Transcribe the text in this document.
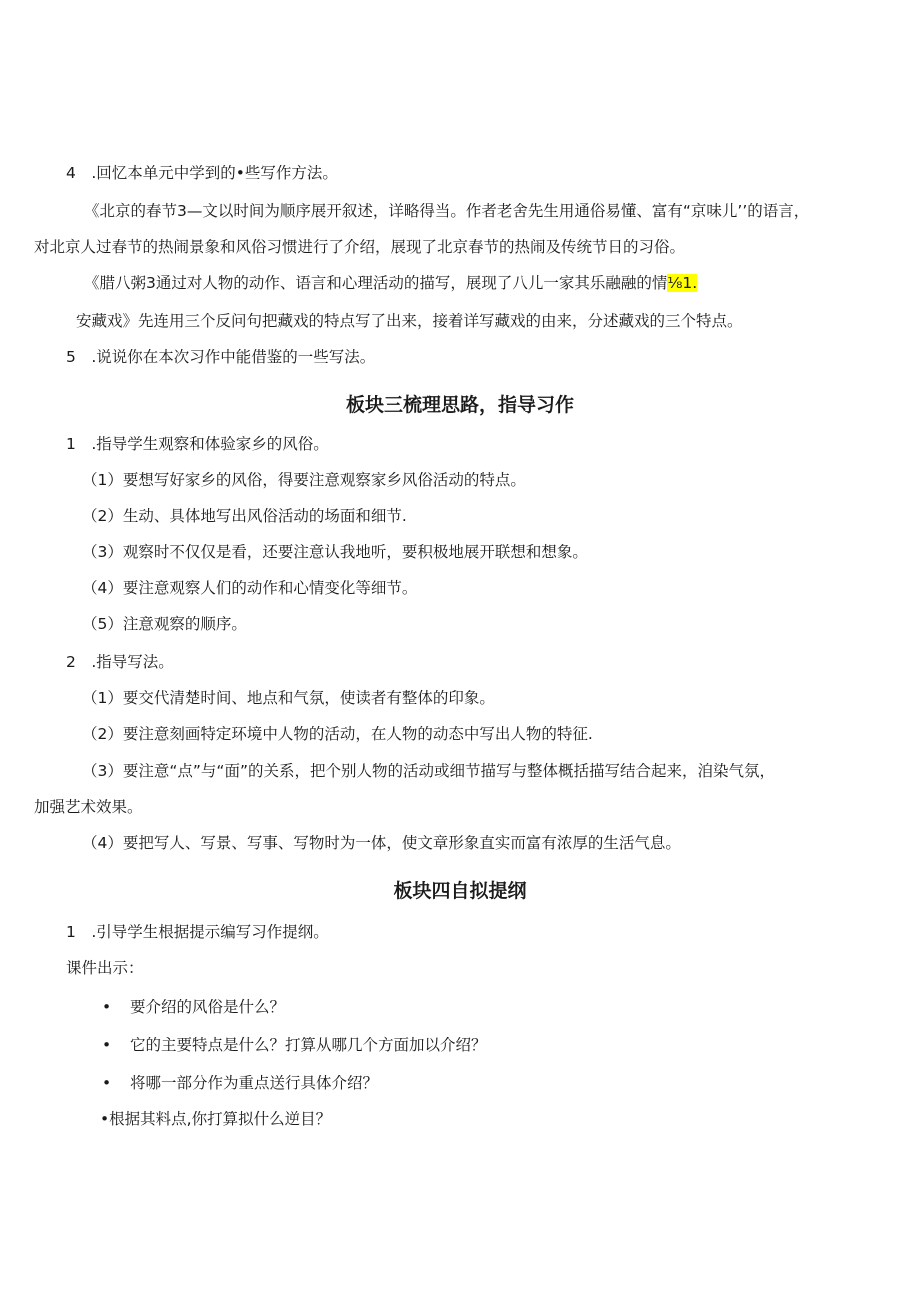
4　.回忆本单元中学到的•些写作方法。
《北京的春节3—文以时间为顺序展开叙述，详略得当。作者老舍先生用通俗易懂、富有“京味儿’’的语言，
对北京人过春节的热闹景象和风俗习惯进行了介绍，展现了北京春节的热闹及传统节日的习俗。
《腊八粥3通过对人物的动作、语言和心理活动的描写，展现了八儿一家其乐融融的情⅛1.
安藏戏》先连用三个反问句把藏戏的特点写了出来，接着详写藏戏的由来，分述藏戏的三个特点。
5　.说说你在本次习作中能借鉴的一些写法。
板块三梳理思路，指导习作
1　.指导学生观察和体验家乡的风俗。
（1）要想写好家乡的风俗，得要注意观察家乡风俗活动的特点。
（2）生动、具体地写出风俗活动的场面和细节.
（3）观察时不仅仅是看，还要注意认我地听，要积极地展开联想和想象。
（4）要注意观察人们的动作和心情变化等细节。
（5）注意观察的顺序。
2　.指导写法。
（1）要交代清楚时间、地点和气氛，使读者有整体的印象。
（2）要注意刻画特定环境中人物的活动，在人物的动态中写出人物的特征.
（3）要注意“点”与“面”的关系，把个别人物的活动或细节描写与整体概括描写结合起来，洎染气氛，
加强艺术效果。
（4）要把写人、写景、写事、写物时为一体，使文章形象直实而富有浓厚的生活气息。
板块四自拟提纲
1　.引导学生根据提示编写习作提纲。
课件出示：
• 要介绍的风俗是什么？
• 它的主要特点是什么？打算从哪几个方面加以介绍？
• 将哪一部分作为重点送行具体介绍？
•根据其料点,你打算拟什么逆目？
